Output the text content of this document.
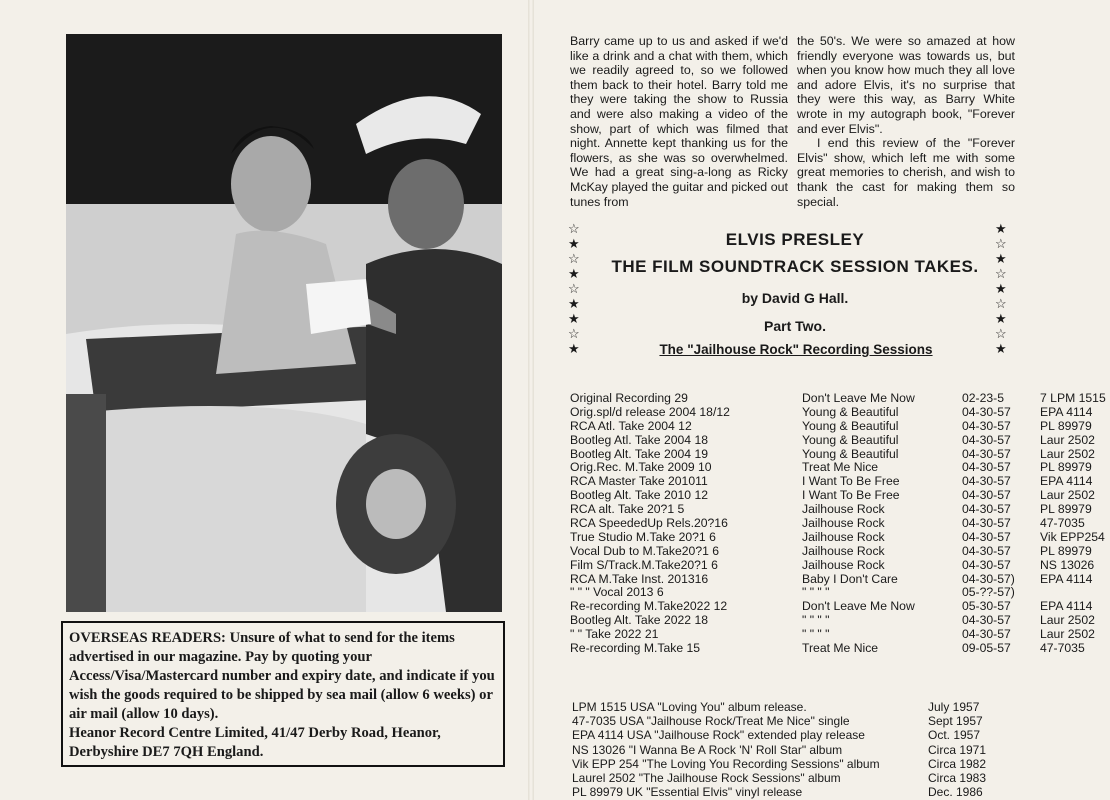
OVERSEAS READERS: Unsure of what to send for the items advertised in our magazine. Pay by quoting your Access/Visa/Mastercard number and expiry date, and indicate if you wish the goods required to be shipped by sea mail (allow 6 weeks) or air mail (allow 10 days).
Heanor Record Centre Limited, 41/47 Derby Road, Heanor, Derbyshire DE7 7QH England.

Barry came up to us and asked if we'd like a drink and a chat with them, which we readily agreed to, so we followed them back to their hotel. Barry told me they were taking the show to Russia and were also making a video of the show, part of which was filmed that night. Annette kept thanking us for the flowers, as she was so overwhelmed. We had a great sing-a-long as Ricky McKay played the guitar and picked out tunes from

the 50's. We were so amazed at how friendly everyone was towards us, but when you know how much they all love and adore Elvis, it's no surprise that they were this way, as Barry White wrote in my autograph book, "Forever and ever Elvis".

I end this review of the "Forever Elvis" show, which left me with some great memories to cherish, and wish to thank the cast for making them so special.

☆
★
☆
★
☆
★
★
☆
★
★
☆
★
☆
★
☆
★
☆
★
THE FILM SOUNDTRACK SESSION TAKES.
ELVIS PRESLEY
by David G Hall.
Part Two.
The "Jailhouse Rock" Recording Sessions
Original Recording 29	Don't Leave Me Now	02-23-5	7 LPM 1515
Orig.spl/d release 2004 18/12	Young & Beautiful	04-30-57	EPA 4114
RCA Atl. Take 2004 12	Young & Beautiful	04-30-57	PL 89979
Bootleg Atl. Take 2004 18	Young & Beautiful	04-30-57	Laur 2502
Bootleg Alt. Take 2004 19	Young & Beautiful	04-30-57	Laur 2502
Orig.Rec. M.Take 2009 10	Treat Me Nice	04-30-57	PL 89979
RCA Master Take 201011	I Want To Be Free	04-30-57	EPA 4114
Bootleg Alt. Take 2010 12	I Want To Be Free	04-30-57	Laur 2502
RCA alt. Take 20?1 5	Jailhouse Rock	04-30-57	PL 89979
RCA SpeededUp Rels.20?16	Jailhouse Rock	04-30-57	47-7035
True Studio M.Take 20?1 6	Jailhouse Rock	04-30-57	Vik EPP254
Vocal Dub to M.Take20?1 6	Jailhouse Rock	04-30-57	PL 89979
Film S/Track.M.Take20?1 6	Jailhouse Rock	04-30-57	NS 13026
RCA M.Take Inst. 201316	Baby I Don't Care	04-30-57)	EPA 4114
" " " Vocal 2013 6	" " " "	05-??-57)
Re-recording M.Take2022 12	Don't Leave Me Now	05-30-57	EPA 4114
Bootleg Alt. Take 2022 18	" " " "	04-30-57	Laur 2502
" " Take 2022 21	" " " "	04-30-57	Laur 2502
Re-recording M.Take 15	Treat Me Nice	09-05-57	47-7035
LPM 1515 USA "Loving You" album release.	July 1957
47-7035 USA "Jailhouse Rock/Treat Me Nice" single	Sept 1957
EPA 4114 USA "Jailhouse Rock" extended play release	Oct. 1957
NS 13026 "I Wanna Be A Rock 'N' Roll Star" album	Circa 1971
Vik EPP 254 "The Loving You Recording Sessions" album	Circa 1982
Laurel 2502 "The Jailhouse Rock Sessions" album	Circa 1983
PL 89979 UK "Essential Elvis" vinyl release	Dec. 1986
